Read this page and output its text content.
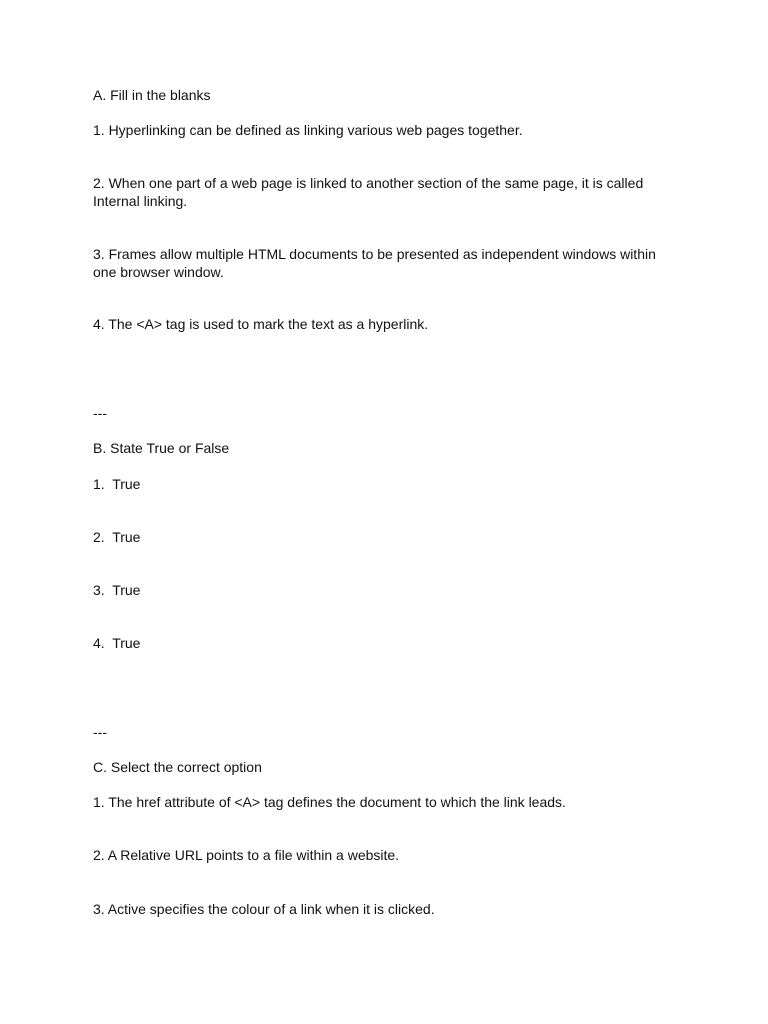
A. Fill in the blanks

1. Hyperlinking can be defined as linking various web pages together.

2. When one part of a web page is linked to another section of the same page, it is called Internal linking.

3. Frames allow multiple HTML documents to be presented as independent windows within one browser window.

4. The <A> tag is used to mark the text as a hyperlink.

---

B. State True or False

1.  True

2.  True

3.  True

4.  True

---

C. Select the correct option

1. The href attribute of <A> tag defines the document to which the link leads.

2. A Relative URL points to a file within a website.

3. Active specifies the colour of a link when it is clicked.
